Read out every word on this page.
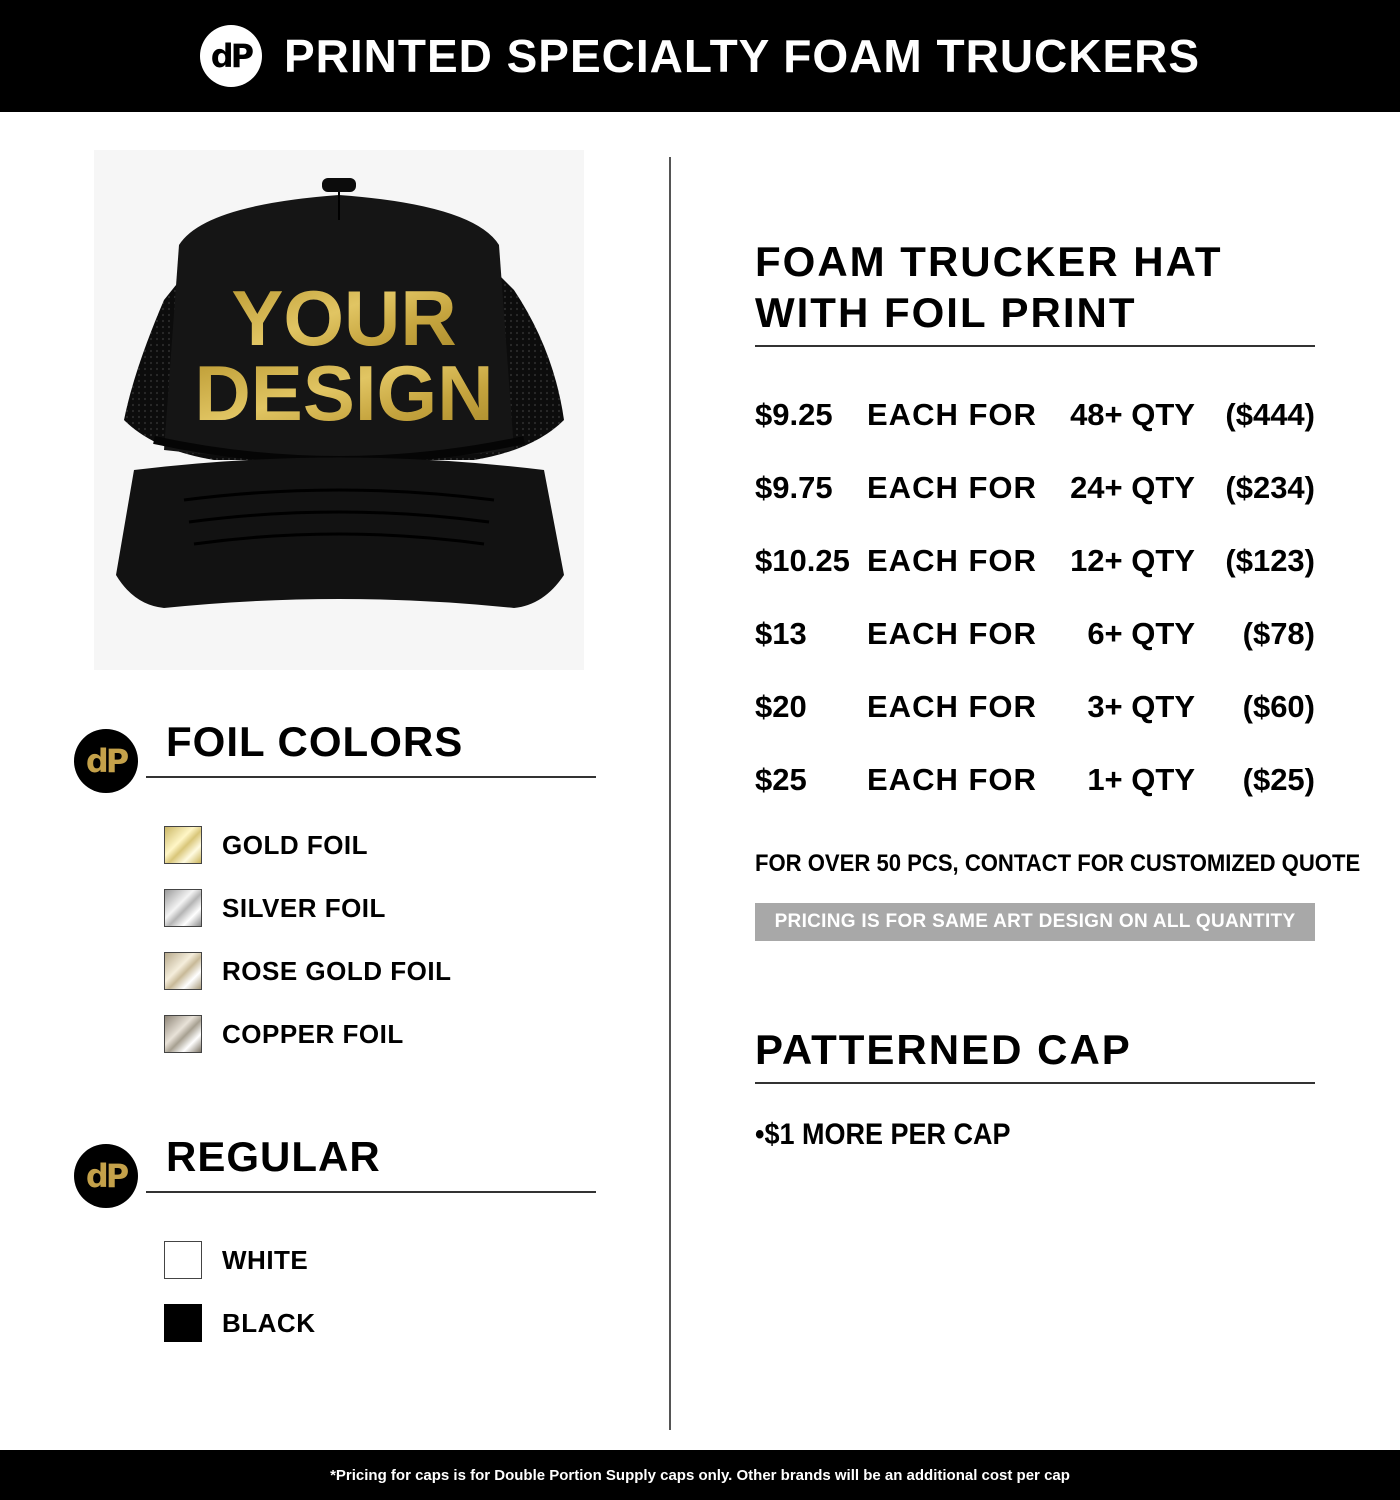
dP PRINTED SPECIALTY FOAM TRUCKERS
YOUR
DESIGN
dP FOIL COLORS
GOLD FOIL
SILVER FOIL
ROSE GOLD FOIL
COPPER FOIL
dP REGULAR
WHITE
BLACK
FOAM TRUCKER HAT
WITH FOIL PRINT
$9.25 EACH FOR 48+ QTY ($444)
$9.75 EACH FOR 24+ QTY ($234)
$10.25 EACH FOR 12+ QTY ($123)
$13 EACH FOR 6+ QTY ($78)
$20 EACH FOR 3+ QTY ($60)
$25 EACH FOR 1+ QTY ($25)
FOR OVER 50 PCS, CONTACT FOR CUSTOMIZED QUOTE
PRICING IS FOR SAME ART DESIGN ON ALL QUANTITY
PATTERNED CAP
•$1 MORE PER CAP
*Pricing for caps is for Double Portion Supply caps only. Other brands will be an additional cost per cap
